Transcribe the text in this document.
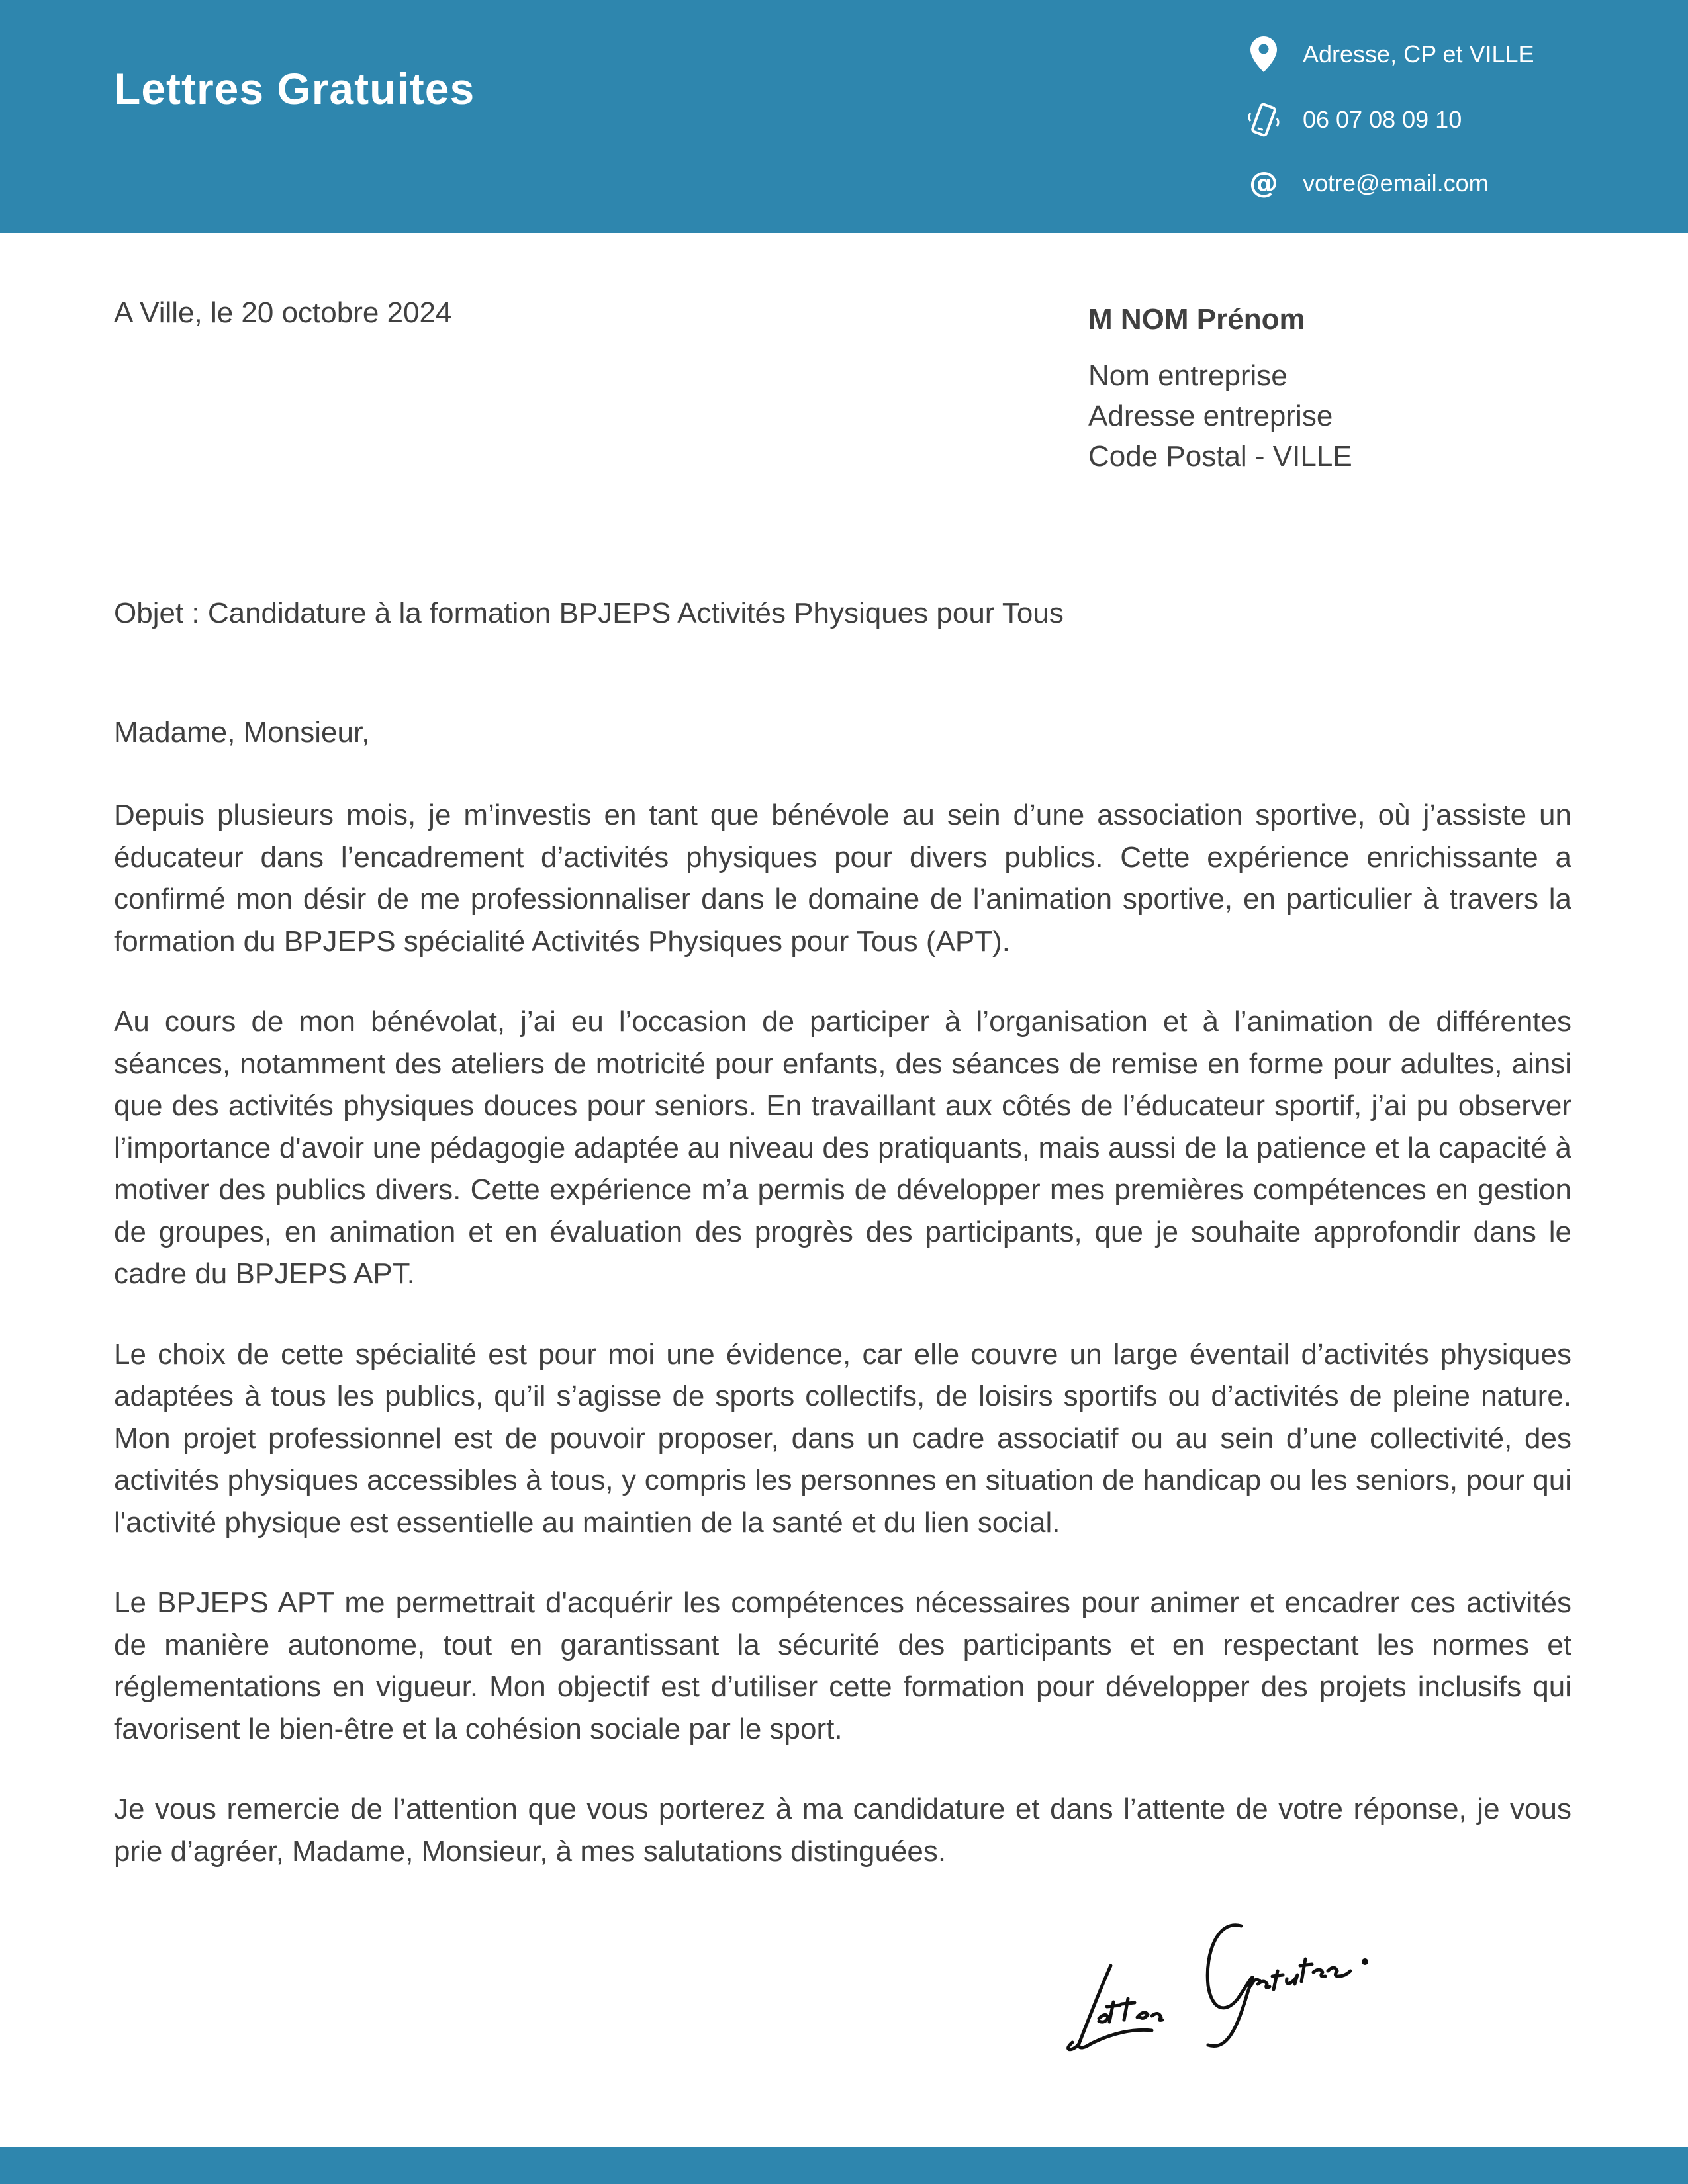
Lettres Gratuites
Adresse, CP et VILLE
06 07 08 09 10
@ votre@email.com
A Ville, le 20 octobre 2024	M NOM Prénom
Nom entreprise
Adresse entreprise
Code Postal - VILLE
Objet : Candidature à la formation BPJEPS Activités Physiques pour Tous
Madame, Monsieur,

Depuis plusieurs mois, je m’investis en tant que bénévole au sein d’une association sportive, où j’assiste un éducateur dans l’encadrement d’activités physiques pour divers publics. Cette expérience enrichissante a confirmé mon désir de me professionnaliser dans le domaine de l’animation sportive, en particulier à travers la formation du BPJEPS spécialité Activités Physiques pour Tous (APT).

Au cours de mon bénévolat, j’ai eu l’occasion de participer à l’organisation et à l’animation de différentes séances, notamment des ateliers de motricité pour enfants, des séances de remise en forme pour adultes, ainsi que des activités physiques douces pour seniors. En travaillant aux côtés de l’éducateur sportif, j’ai pu observer l’importance d'avoir une pédagogie adaptée au niveau des pratiquants, mais aussi de la patience et la capacité à motiver des publics divers. Cette expérience m’a permis de développer mes premières compétences en gestion de groupes, en animation et en évaluation des progrès des participants, que je souhaite approfondir dans le cadre du BPJEPS APT.

Le choix de cette spécialité est pour moi une évidence, car elle couvre un large éventail d’activités physiques adaptées à tous les publics, qu’il s’agisse de sports collectifs, de loisirs sportifs ou d’activités de pleine nature. Mon projet professionnel est de pouvoir proposer, dans un cadre associatif ou au sein d’une collectivité, des activités physiques accessibles à tous, y compris les personnes en situation de handicap ou les seniors, pour qui l'activité physique est essentielle au maintien de la santé et du lien social.

Le BPJEPS APT me permettrait d'acquérir les compétences nécessaires pour animer et encadrer ces activités de manière autonome, tout en garantissant la sécurité des participants et en respectant les normes et réglementations en vigueur. Mon objectif est d’utiliser cette formation pour développer des projets inclusifs qui favorisent le bien-être et la cohésion sociale par le sport.

Je vous remercie de l’attention que vous porterez à ma candidature et dans l’attente de votre réponse, je vous prie d’agréer, Madame, Monsieur, à mes salutations distinguées.
